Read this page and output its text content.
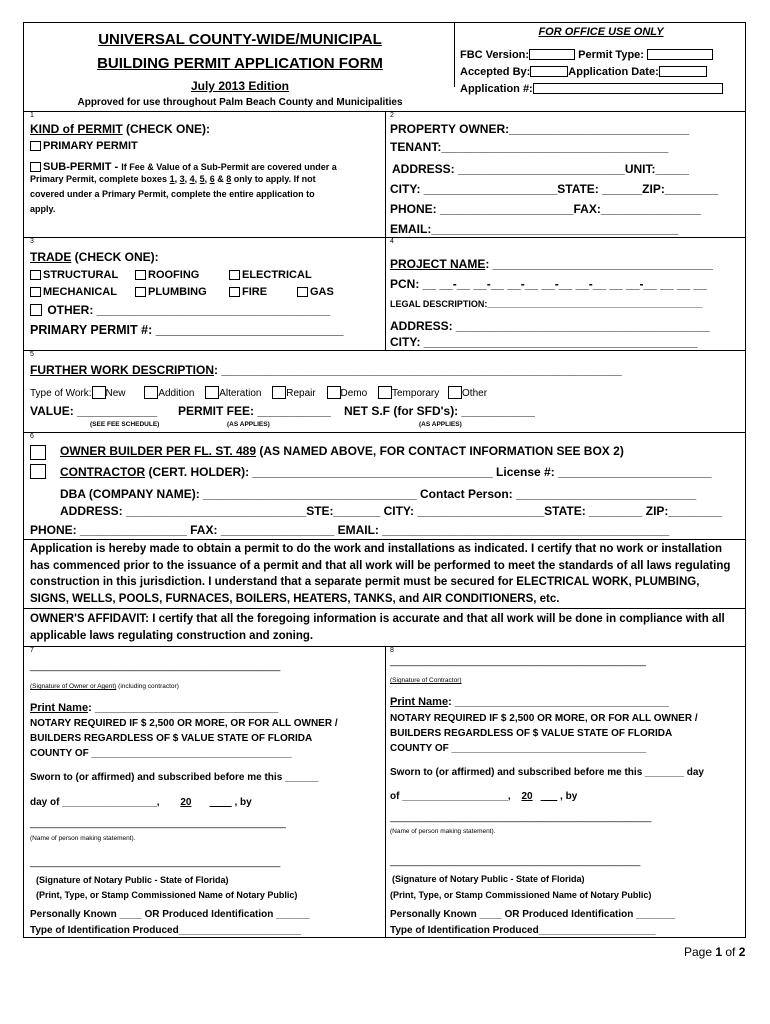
UNIVERSAL COUNTY-WIDE/MUNICIPAL
BUILDING PERMIT APPLICATION FORM
July 2013 Edition
Approved for use throughout Palm Beach County and Municipalities
FOR OFFICE USE ONLY
FBC Version:	Permit Type:
Accepted By:	Application Date:
Application #:
1
KIND of PERMIT (CHECK ONE):
PRIMARY PERMIT
SUB-PERMIT - If Fee & Value of a Sub-Permit are covered under a
Primary Permit, complete boxes 1, 3, 4, 5, 6 & 8 only to apply. If not
covered under a Primary Permit, complete the entire application to
apply.
2
PROPERTY OWNER:___________________________
TENANT:__________________________________
ADDRESS: _________________________UNIT:_____
CITY: ____________________STATE: ______ZIP:________
PHONE: ____________________FAX:_______________
EMAIL:_____________________________________
3
TRADE (CHECK ONE):
STRUCTURAL	ROOFING	ELECTRICAL
MECHANICAL	PLUMBING	FIRE	GAS
OTHER: ___________________________________
PRIMARY PERMIT #: ___________________________
4
PROJECT NAME: _________________________________
PCN: __ __-__ __-__ __-__ __-__ __-__ __ __-__ __ __ __
LEGAL DESCRIPTION:___________________________________________
ADDRESS: ______________________________________
CITY: _________________________________________
5
FURTHER WORK DESCRIPTION: ____________________________________________________________
Type of Work: New	Addition Alteration Repair Demo Temporary Other
VALUE: ____________ PERMIT FEE: ___________ NET S.F (for SFD's): ___________
(SEE FEE SCHEDULE)	(AS APPLIES)	(AS APPLIES)
6
OWNER BUILDER PER FL. ST. 489 (AS NAMED ABOVE, FOR CONTACT INFORMATION SEE BOX 2)
CONTRACTOR (CERT. HOLDER): ____________________________________ License #: _______________________
DBA (COMPANY NAME): ________________________________ Contact Person: ___________________________
ADDRESS: ___________________________STE:_______ CITY: ___________________STATE: ________ ZIP:________
PHONE: ________________ FAX: _________________ EMAIL: ___________________________________________
Application is hereby made to obtain a permit to do the work and installations as indicated. I certify that no work or installation has commenced prior to the issuance of a permit and that all work will be performed to meet the standards of all laws regulating construction in this jurisdiction. I understand that a separate permit must be secured for ELECTRICAL WORK, PLUMBING, SIGNS, WELLS, POOLS, FURNACES, BOILERS, HEATERS, TANKS, and AIR CONDITIONERS, etc.
OWNER'S AFFIDAVIT: I certify that all the foregoing information is accurate and that all work will be done in compliance with all applicable laws regulating construction and zoning.
7
_____________________________________________
(Signature of Owner or Agent) (including contractor)
Print Name: ______________________________
NOTARY REQUIRED IF $ 2,500 OR MORE, OR FOR ALL OWNER /
BUILDERS REGARDLESS OF $ VALUE STATE OF FLORIDA
COUNTY OF ____________________________________
Sworn to (or affirmed) and subscribed before me this ______
day of _________________, 20	, by
______________________________________________
(Name of person making statement).
_____________________________________________
(Signature of Notary Public - State of Florida)
(Print, Type, or Stamp Commissioned Name of Notary Public)
Personally Known ____ OR Produced Identification ______
Type of Identification Produced______________________
8
______________________________________________
(Signature of Contractor)
Print Name: ___________________________________
NOTARY REQUIRED IF $ 2,500 OR MORE, OR FOR ALL OWNER /
BUILDERS REGARDLESS OF $ VALUE STATE OF FLORIDA
COUNTY OF ___________________________________
Sworn to (or affirmed) and subscribed before me this _______ day
of ___________________, 20       , by
_______________________________________________
(Name of person making statement).
_____________________________________________
(Signature of Notary Public - State of Florida)
(Print, Type, or Stamp Commissioned Name of Notary Public)
Personally Known ____ OR Produced Identification _______
Type of Identification Produced_____________________
Page 1 of 2
